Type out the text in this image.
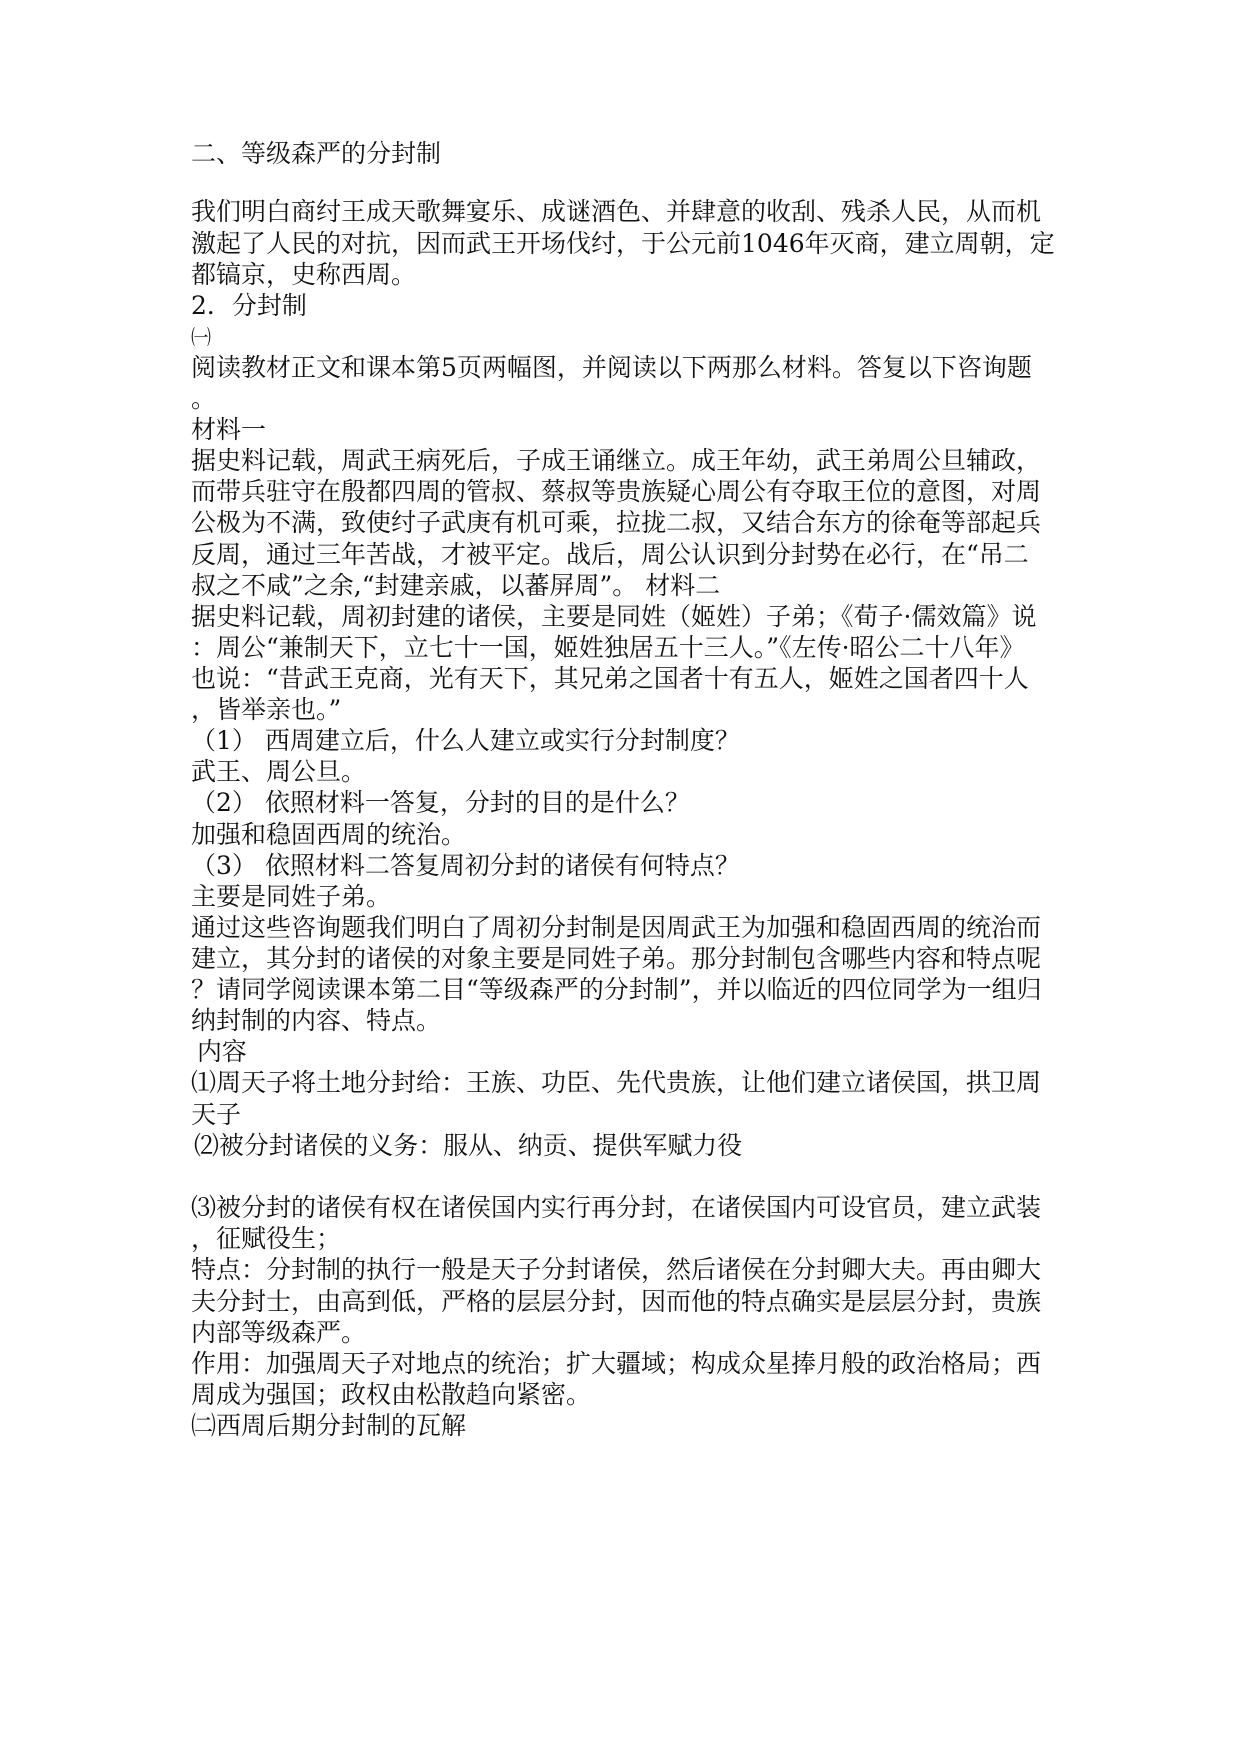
二、等级森严的分封制
我们明白商纣王成天歌舞宴乐、成谜酒色、并肆意的收刮、残杀人民，从而机
激起了人民的对抗，因而武王开场伐纣，于公元前1046年灭商，建立周朝，定
都镐京，史称西周。
2．分封制
㈠
阅读教材正文和课本第5页两幅图，并阅读以下两那么材料。答复以下咨询题
。
材料一
据史料记载，周武王病死后，子成王诵继立。成王年幼，武王弟周公旦辅政，
而带兵驻守在殷都四周的管叔、蔡叔等贵族疑心周公有夺取王位的意图，对周
公极为不满，致使纣子武庚有机可乘，拉拢二叔，又结合东方的徐奄等部起兵
反周，通过三年苦战，才被平定。战后，周公认识到分封势在必行，在“吊二
叔之不咸”之余,“封建亲戚，以蕃屏周”。 材料二
据史料记载，周初封建的诸侯，主要是同姓（姬姓）子弟；《荀子·儒效篇》说
：周公“兼制天下，立七十一国，姬姓独居五十三人。”《左传·昭公二十八年》
也说：“昔武王克商，光有天下，其兄弟之国者十有五人，姬姓之国者四十人
，皆举亲也。”
（1） 西周建立后，什么人建立或实行分封制度？
武王、周公旦。
（2） 依照材料一答复，分封的目的是什么？
加强和稳固西周的统治。
（3） 依照材料二答复周初分封的诸侯有何特点？
主要是同姓子弟。
通过这些咨询题我们明白了周初分封制是因周武王为加强和稳固西周的统治而
建立，其分封的诸侯的对象主要是同姓子弟。那分封制包含哪些内容和特点呢
？请同学阅读课本第二目“等级森严的分封制”，并以临近的四位同学为一组归
纳封制的内容、特点。
内容
⑴周天子将土地分封给：王族、功臣、先代贵族，让他们建立诸侯国，拱卫周
天子
⑵被分封诸侯的义务：服从、纳贡、提供军赋力役
⑶被分封的诸侯有权在诸侯国内实行再分封，在诸侯国内可设官员，建立武装
，征赋役生；
特点：分封制的执行一般是天子分封诸侯，然后诸侯在分封卿大夫。再由卿大
夫分封士，由高到低，严格的层层分封，因而他的特点确实是层层分封，贵族
内部等级森严。
作用：加强周天子对地点的统治；扩大疆域；构成众星捧月般的政治格局；西
周成为强国；政权由松散趋向紧密。
㈡西周后期分封制的瓦解
